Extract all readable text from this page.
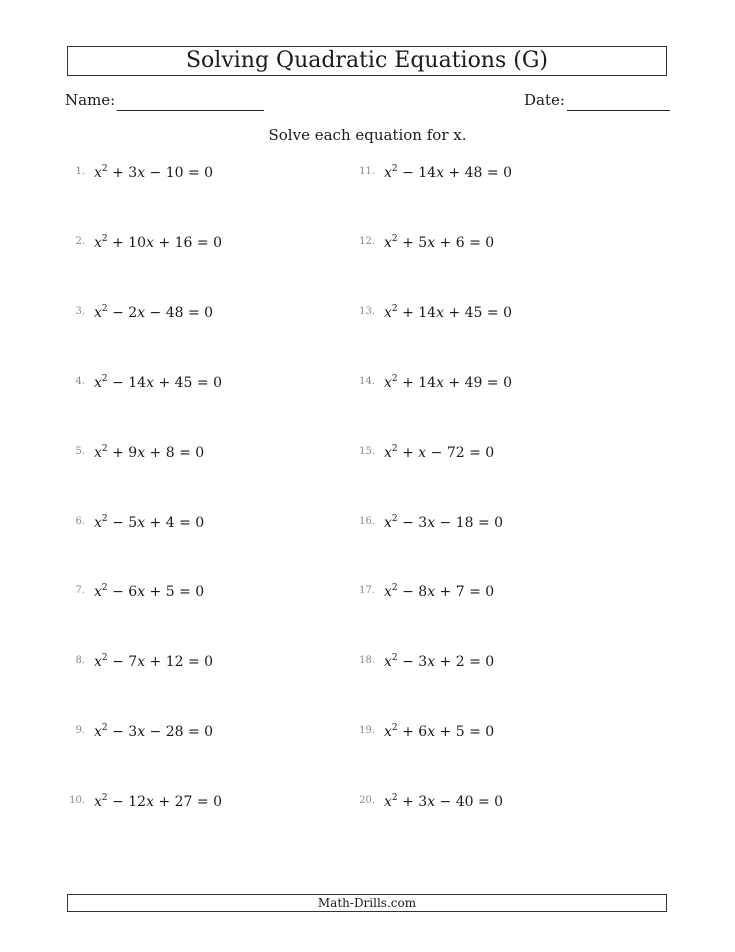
Solving Quadratic Equations (G)
Name:	Date:
Solve each equation for x.
1. $x^2 + 3x - 10 = 0$
2. $x^2 + 10x + 16 = 0$
3. $x^2 - 2x - 48 = 0$
4. $x^2 - 14x + 45 = 0$
5. $x^2 + 9x + 8 = 0$
6. $x^2 - 5x + 4 = 0$
7. $x^2 - 6x + 5 = 0$
8. $x^2 - 7x + 12 = 0$
9. $x^2 - 3x - 28 = 0$
10. $x^2 - 12x + 27 = 0$
11. $x^2 - 14x + 48 = 0$
12. $x^2 + 5x + 6 = 0$
13. $x^2 + 14x + 45 = 0$
14. $x^2 + 14x + 49 = 0$
15. $x^2 + x - 72 = 0$
16. $x^2 - 3x - 18 = 0$
17. $x^2 - 8x + 7 = 0$
18. $x^2 - 3x + 2 = 0$
19. $x^2 + 6x + 5 = 0$
20. $x^2 + 3x - 40 = 0$
Math-Drills.com
